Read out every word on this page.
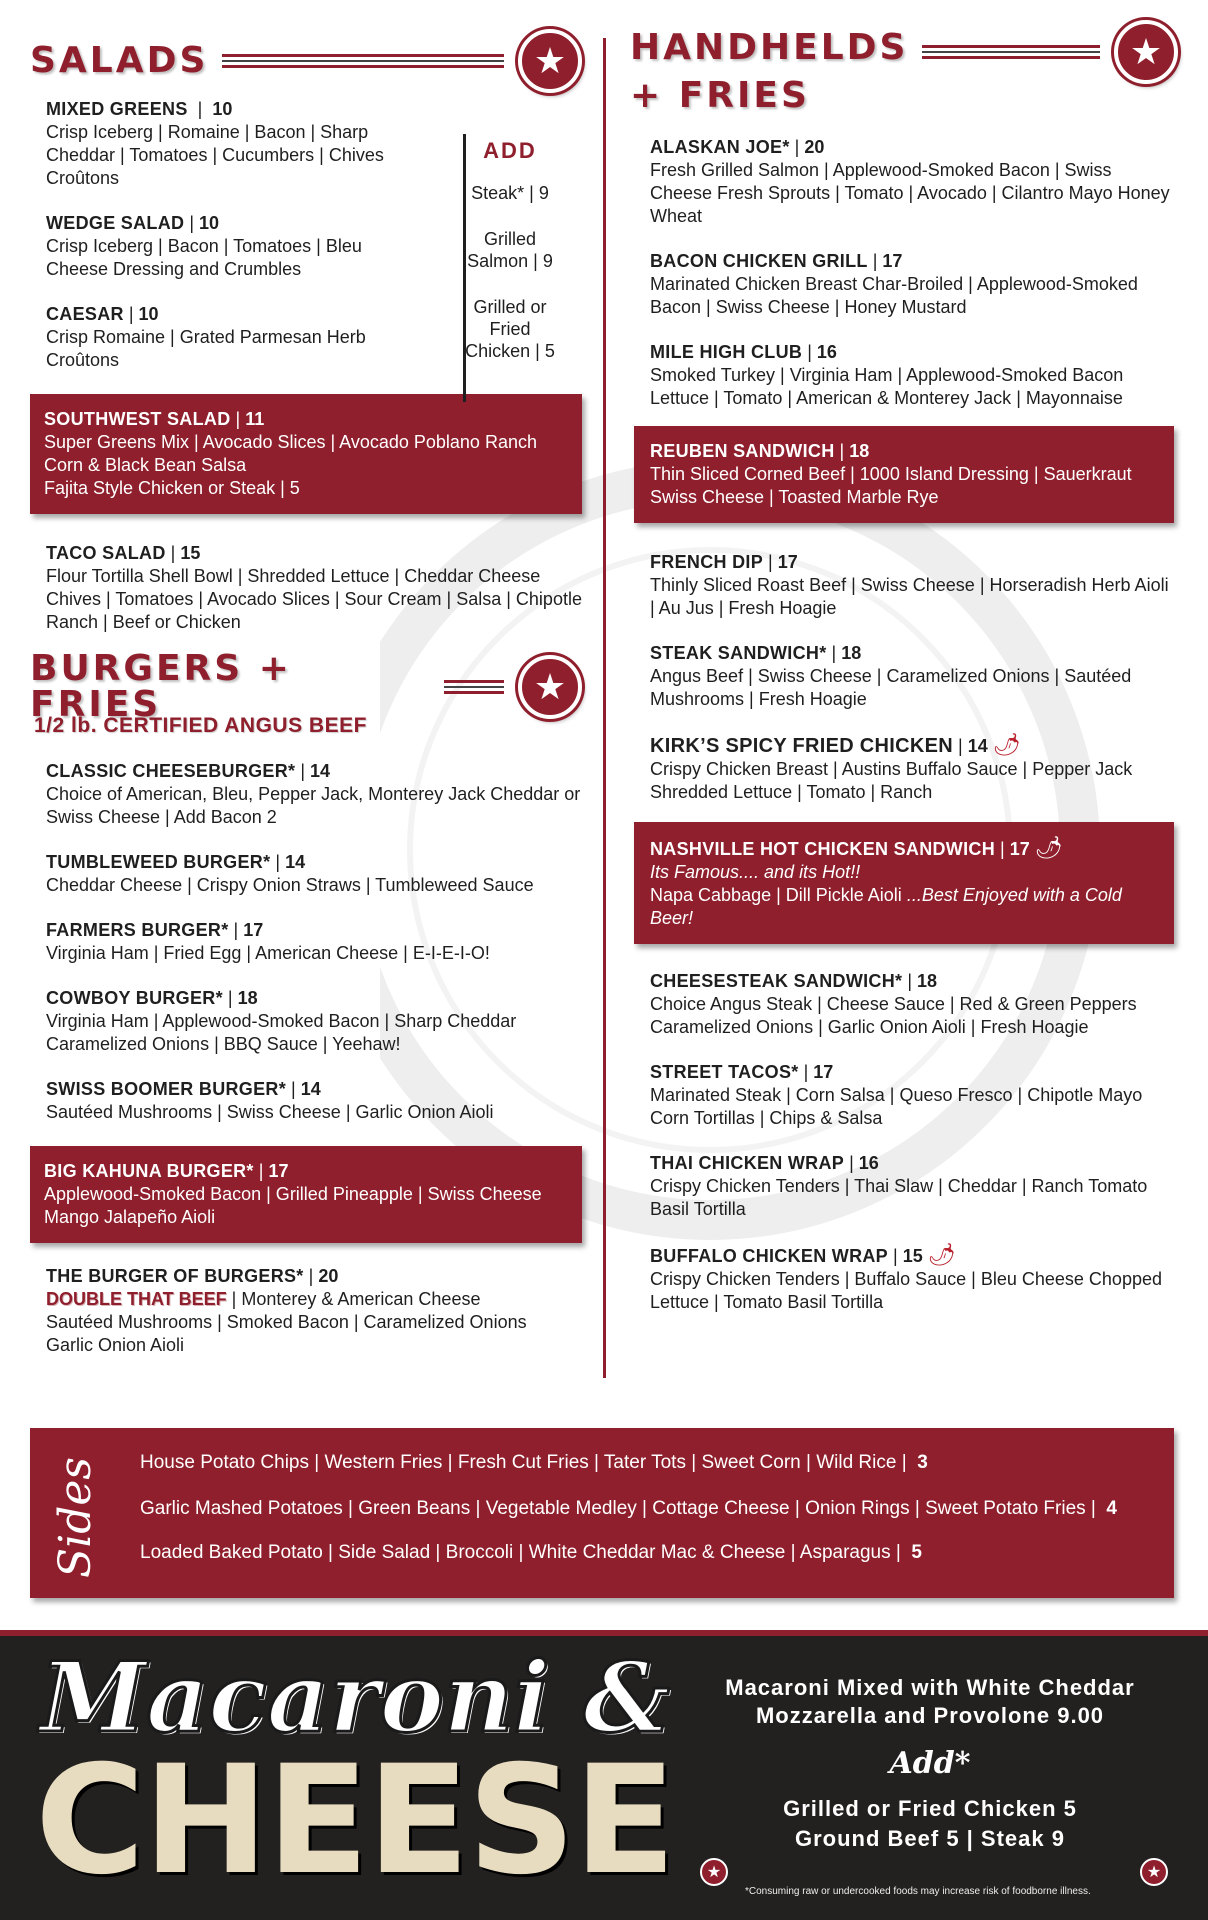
SALADS	★
MIXED GREENS  |  10
Crisp Iceberg | Romaine | Bacon | Sharp Cheddar | Tomatoes | Cucumbers | Chives Croûtons
WEDGE SALAD | 10
Crisp Iceberg | Bacon | Tomatoes | Bleu Cheese Dressing and Crumbles
CAESAR | 10
Crisp Romaine | Grated Parmesan Herb Croûtons
ADD
Steak* | 9
Grilled Salmon | 9
Grilled or Fried Chicken | 5
SOUTHWEST SALAD | 11
Super Greens Mix | Avocado Slices | Avocado Poblano Ranch
Corn & Black Bean Salsa
Fajita Style Chicken or Steak | 5
TACO SALAD | 15
Flour Tortilla Shell Bowl | Shredded Lettuce | Cheddar Cheese Chives | Tomatoes | Avocado Slices | Sour Cream | Salsa | Chipotle Ranch | Beef or Chicken
BURGERS + FRIES	★
1/2 lb. CERTIFIED ANGUS BEEF
CLASSIC CHEESEBURGER* | 14
Choice of American, Bleu, Pepper Jack, Monterey Jack Cheddar or Swiss Cheese | Add Bacon 2
TUMBLEWEED BURGER* | 14
Cheddar Cheese | Crispy Onion Straws | Tumbleweed Sauce
FARMERS BURGER* | 17
Virginia Ham | Fried Egg | American Cheese | E-I-E-I-O!
COWBOY BURGER* | 18
Virginia Ham | Applewood-Smoked Bacon | Sharp Cheddar Caramelized Onions | BBQ Sauce | Yeehaw!
SWISS BOOMER BURGER* | 14
Sautéed Mushrooms | Swiss Cheese | Garlic Onion Aioli
BIG KAHUNA BURGER* | 17
Applewood-Smoked Bacon | Grilled Pineapple | Swiss Cheese
Mango Jalapeño Aioli
THE BURGER OF BURGERS* | 20
DOUBLE THAT BEEF | Monterey & American Cheese
Sautéed Mushrooms | Smoked Bacon | Caramelized Onions
Garlic Onion Aioli
HANDHELDS
+ FRIES
★
ALASKAN JOE* | 20
Fresh Grilled Salmon | Applewood-Smoked Bacon | Swiss Cheese Fresh Sprouts | Tomato | Avocado | Cilantro Mayo Honey Wheat
BACON CHICKEN GRILL | 17
Marinated Chicken Breast Char-Broiled | Applewood-Smoked Bacon | Swiss Cheese | Honey Mustard
MILE HIGH CLUB | 16
Smoked Turkey | Virginia Ham | Applewood-Smoked Bacon Lettuce | Tomato | American & Monterey Jack | Mayonnaise
REUBEN SANDWICH | 18
Thin Sliced Corned Beef | 1000 Island Dressing | Sauerkraut
Swiss Cheese | Toasted Marble Rye
FRENCH DIP | 17
Thinly Sliced Roast Beef | Swiss Cheese | Horseradish Herb Aioli | Au Jus | Fresh Hoagie
STEAK SANDWICH* | 18
Angus Beef | Swiss Cheese | Caramelized Onions | Sautéed Mushrooms | Fresh Hoagie
KIRK’S SPICY FRIED CHICKEN | 14 🌶
Crispy Chicken Breast | Austins Buffalo Sauce | Pepper Jack Shredded Lettuce | Tomato | Ranch
NASHVILLE HOT CHICKEN SANDWICH | 17 🌶
Its Famous.... and its Hot!!
Napa Cabbage | Dill Pickle Aioli ...Best Enjoyed with a Cold Beer!
CHEESESTEAK SANDWICH* | 18
Choice Angus Steak | Cheese Sauce | Red & Green Peppers Caramelized Onions | Garlic Onion Aioli | Fresh Hoagie
STREET TACOS* | 17
Marinated Steak | Corn Salsa | Queso Fresco | Chipotle Mayo Corn Tortillas | Chips & Salsa
THAI CHICKEN WRAP | 16
Crispy Chicken Tenders | Thai Slaw | Cheddar | Ranch Tomato Basil Tortilla
BUFFALO CHICKEN WRAP | 15 🌶
Crispy Chicken Tenders | Buffalo Sauce | Bleu Cheese Chopped Lettuce | Tomato Basil Tortilla
Sides House Potato Chips | Western Fries | Fresh Cut Fries | Tater Tots | Sweet Corn | Wild Rice |  3
Garlic Mashed Potatoes | Green Beans | Vegetable Medley | Cottage Cheese | Onion Rings | Sweet Potato Fries |  4
Loaded Baked Potato | Side Salad | Broccoli | White Cheddar Mac & Cheese | Asparagus |  5
Macaroni &
CHEESE
Macaroni Mixed with White Cheddar
Mozzarella and Provolone 9.00
Add*
Grilled or Fried Chicken 5
Ground Beef 5 | Steak 9
★	★
*Consuming raw or undercooked foods may increase risk of foodborne illness.
